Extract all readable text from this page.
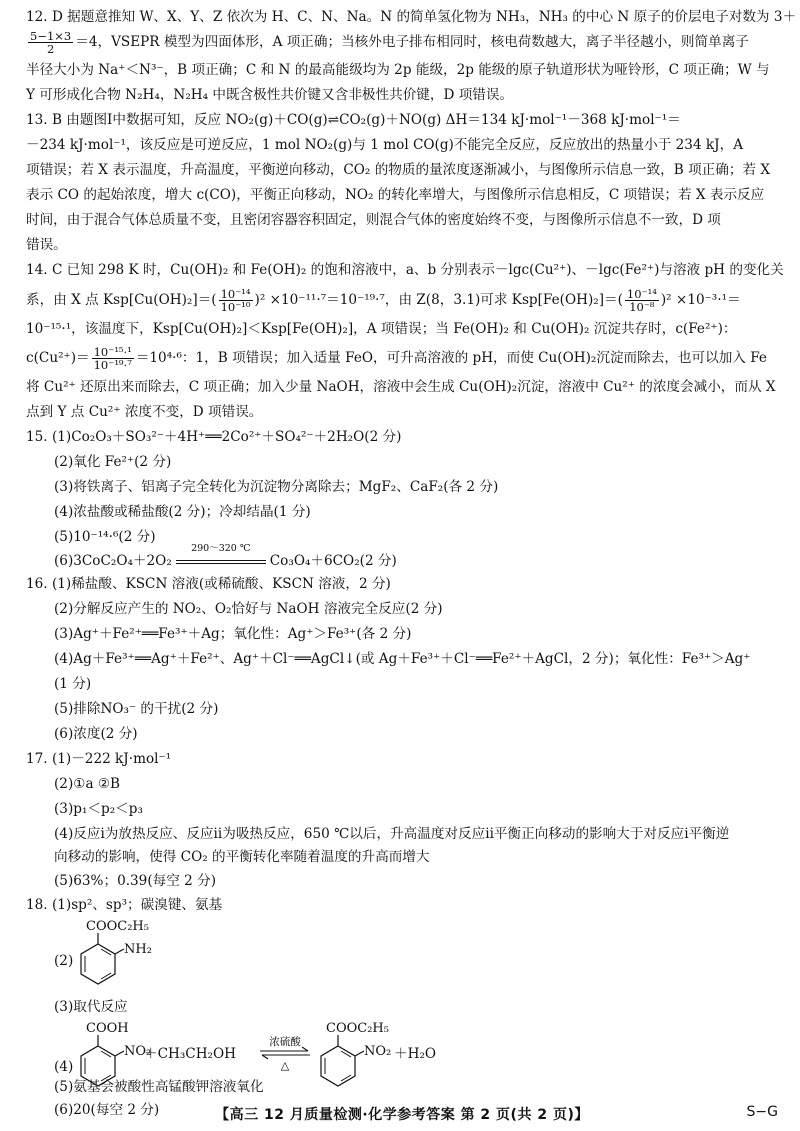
12. D 据题意推知 W、X、Y、Z 依次为 H、C、N、Na。N 的简单氢化物为 NH₃，NH₃ 的中心 N 原子的价层电子对数为 3＋
$\frac{5-1\times 3}{2} =4$，VSEPR 模型为四面体形，A 项正确；当核外电子排布相同时，核电荷数越大，离子半径越小，则简单离子
半径大小为 Na⁺＜N³⁻，B 项正确；C 和 N 的最高能级均为 2p 能级，2p 能级的原子轨道形状为哑铃形，C 项正确；W 与
Y 可形成化合物 N₂H₄，N₂H₄ 中既含极性共价键又含非极性共价键，D 项错误。
13. B 由题图Ⅰ中数据可知，反应 NO₂(g)＋CO(g)⇌CO₂(g)＋NO(g) ΔH＝134 kJ·mol⁻¹－368 kJ·mol⁻¹＝
－234 kJ·mol⁻¹，该反应是可逆反应，1 mol NO₂(g)与 1 mol CO(g)不能完全反应，反应放出的热量小于 234 kJ，A
项错误；若 X 表示温度，升高温度，平衡逆向移动，CO₂ 的物质的量浓度逐渐减小，与图像所示信息一致，B 项正确；若 X
表示 CO 的起始浓度，增大 c(CO)，平衡正向移动，NO₂ 的转化率增大，与图像所示信息相反，C 项错误；若 X 表示反应
时间，由于混合气体总质量不变，且密闭容器容积固定，则混合气体的密度始终不变，与图像所示信息不一致，D 项
错误。
14. C 已知 298 K 时，Cu(OH)₂ 和 Fe(OH)₂ 的饱和溶液中，a、b 分别表示－lgc(Cu²⁺)、－lgc(Fe²⁺)与溶液 pH 的变化关
系，由 X 点 $Ksp[Cu(OH)_2]=( \frac{\text{10⁻¹⁴}}{\text{10⁻¹⁰}} )^2 \times 10^{-11}\cdot^7=10^{-19}\cdot^7$，由 Z(8，3.1)可求 $Ksp[Fe(OH)_2]=( \frac{\text{10⁻¹⁴}}{\text{10⁻⁸}} )^2 \times 10^{-3}\cdot^1=$
10⁻¹⁵·¹，该温度下，Ksp[Cu(OH)₂]＜Ksp[Fe(OH)₂]，A 项错误；当 Fe(OH)₂ 和 Cu(OH)₂ 沉淀共存时，c(Fe²⁺)：
$c(Cu^{2+})= \frac{\text{10⁻¹⁵·¹}}{\text{10⁻¹⁹·⁷}} =10^4\cdot^6$：1，B 项错误；加入适量 FeO，可升高溶液的 pH，而使 Cu(OH)₂沉淀而除去，也可以加入 Fe
将 Cu²⁺ 还原出来而除去，C 项正确；加入少量 NaOH，溶液中会生成 Cu(OH)₂沉淀，溶液中 Cu²⁺ 的浓度会减小，而从 X
点到 Y 点 Cu²⁺ 浓度不变，D 项错误。
15. (1)Co₂O₃＋SO₃²⁻＋4H⁺══2Co²⁺＋SO₄²⁻＋2H₂O(2 分)
(2)氧化 Fe²⁺(2 分)
(3)将铁离子、铝离子完全转化为沉淀物分离除去；MgF₂、CaF₂(各 2 分)
(4)浓盐酸或稀盐酸(2 分)；冷却结晶(1 分)
(5)10⁻¹⁴·⁶(2 分)
(6)3CoC₂O₄＋2O₂
290～320 ℃
Co₃O₄＋6CO₂(2 分)
16. (1)稀盐酸、KSCN 溶液(或稀硫酸、KSCN 溶液，2 分)
(2)分解反应产生的 NO₂、O₂恰好与 NaOH 溶液完全反应(2 分)
(3)Ag⁺＋Fe²⁺══Fe³⁺＋Ag；氧化性：Ag⁺＞Fe³⁺(各 2 分)
(4)Ag＋Fe³⁺══Ag⁺＋Fe²⁺、Ag⁺＋Cl⁻══AgCl↓(或 Ag＋Fe³⁺＋Cl⁻══Fe²⁺＋AgCl，2 分)；氧化性：Fe³⁺＞Ag⁺
(1 分)
(5)排除NO₃⁻ 的干扰(2 分)
(6)浓度(2 分)
17. (1)－222 kJ·mol⁻¹
(2)①a ②B
(3)p₁＜p₂＜p₃
(4)反应ⅰ为放热反应、反应ⅱ为吸热反应，650 ℃以后，升高温度对反应ⅱ平衡正向移动的影响大于对反应ⅰ平衡逆
向移动的影响，使得 CO₂ 的平衡转化率随着温度的升高而增大
(5)63%；0.39(每空 2 分)
18. (1)sp²、sp³；碳溴键、氨基
(2)
COOC₂H₅
NH₂
(3)取代反应
(4)
COOH
NO₂
＋CH₃CH₂OH
浓硫酸
△
COOC₂H₅
NO₂ ＋H₂O
(5)氨基会被酸性高锰酸钾溶液氧化
(6)20(每空 2 分)	【高三 12 月质量检测·化学参考答案 第 2 页(共 2 页)】	S−G
